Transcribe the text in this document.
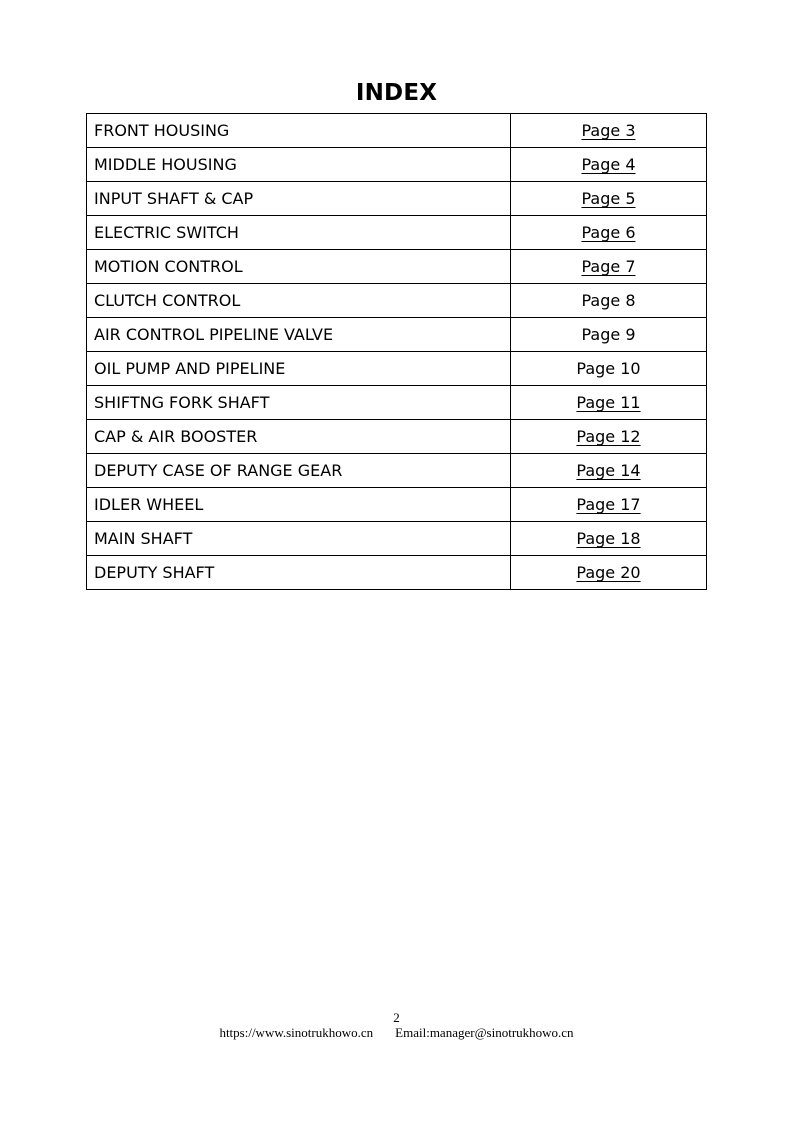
INDEX
FRONT HOUSING	Page 3
MIDDLE HOUSING	Page 4
INPUT SHAFT & CAP	Page 5
ELECTRIC SWITCH	Page 6
MOTION CONTROL	Page 7
CLUTCH CONTROL	Page 8
AIR CONTROL PIPELINE VALVE	Page 9
OIL PUMP AND PIPELINE	Page 10
SHIFTNG FORK SHAFT	Page 11
CAP & AIR BOOSTER	Page 12
DEPUTY CASE OF RANGE GEAR	Page 14
IDLER WHEEL	Page 17
MAIN SHAFT	Page 18
DEPUTY SHAFT	Page 20
2
https://www.sinotrukhowo.cn Email:manager@sinotrukhowo.cn
